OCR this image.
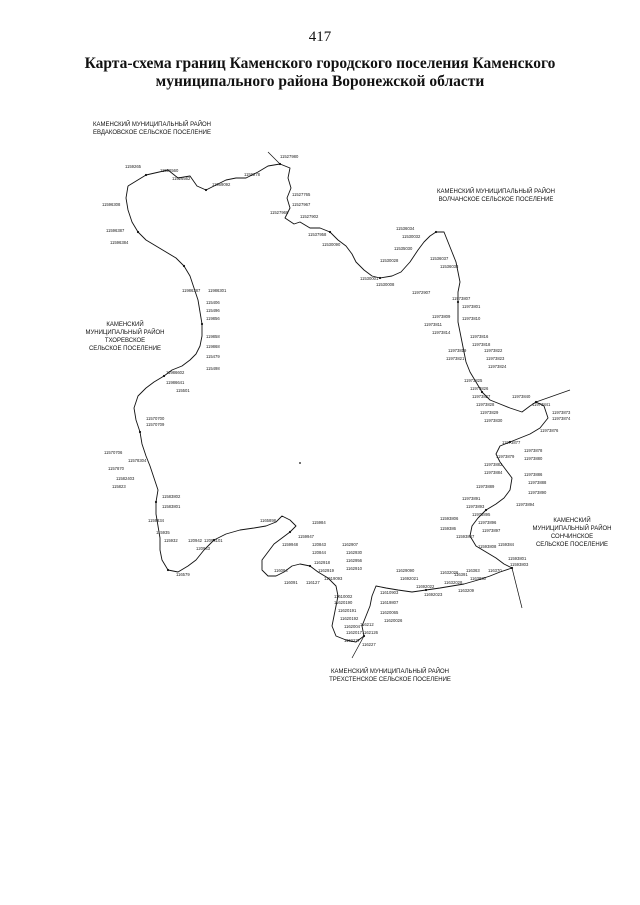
417
Карта-схема границ Каменского городского поселения Каменского
муниципального района Воронежской области
КАМЕНСКИЙ МУНИЦИПАЛЬНЫЙ РАЙОН
ЕВДАКОВСКОЕ СЕЛЬСКОЕ ПОСЕЛЕНИЕ
КАМЕНСКИЙ МУНИЦИПАЛЬНЫЙ РАЙОН
ВОЛЧАНСКОЕ СЕЛЬСКОЕ ПОСЕЛЕНИЕ
КАМЕНСКИЙ
МУНИЦИПАЛЬНЫЙ РАЙОН
ТХОРЕВСКОЕ
СЕЛЬСКОЕ ПОСЕЛЕНИЕ
КАМЕНСКИЙ
МУНИЦИПАЛЬНЫЙ РАЙОН
СОНЧИНСКОЕ
СЕЛЬСКОЕ ПОСЕЛЕНИЕ
КАМЕНСКИЙ МУНИЦИПАЛЬНЫЙ РАЙОН
ТРЕХСТЕНСКОЕ СЕЛЬСКОЕ ПОСЕЛЕНИЕ
1159265
11596560
11526562
11969092
1159278
11527980
11527765
11527967
11527968
11527902
11537958
11530090
11536034
11530032
11535030
11536037
11536038
11530028
11530001
11530008
11596308
11596387
11596384
11986387 11986301
115406
115496
119856
119858
119868
115479
115498
11986602
11986641
115501
11570700
11570709
11570706
11578304
1157870
11582403
115823
11583802
11583801
1159834
115935
115932 120942
120943
12094101
116579
1165898	115984
1159947
1159948	120843
120844
116084
116091 116127
1162907
1162930
1162956
1162910
1162918
1162919
11619093
11610002
11620190
11620191
11620192
1162004
1162017
116212
1162126
116227
1162277
11610903
11619807
11620065
11620026
11629090
11692021
11692022
11692023
11632026
11632028
1163209
116363 116370
11593801
11593803
11593806
11593807
11593808
11972907
11973807
11973801
11973809	11973810
11973811
11973814
11973816
11973818
11973819
11973821
11973822
11973823
11973824
11973825
11973826
11973827
11973828
11973829
11973830
11973840
11973841
11973876
11973873
11973874
11973877
11973878
11973879 11973880
11973882
11973884	11973886
11973888
11973889
11973890
11973891
11973893	11973894
11973895
11973896
11973897
1159384
1159386
116391
1163830
